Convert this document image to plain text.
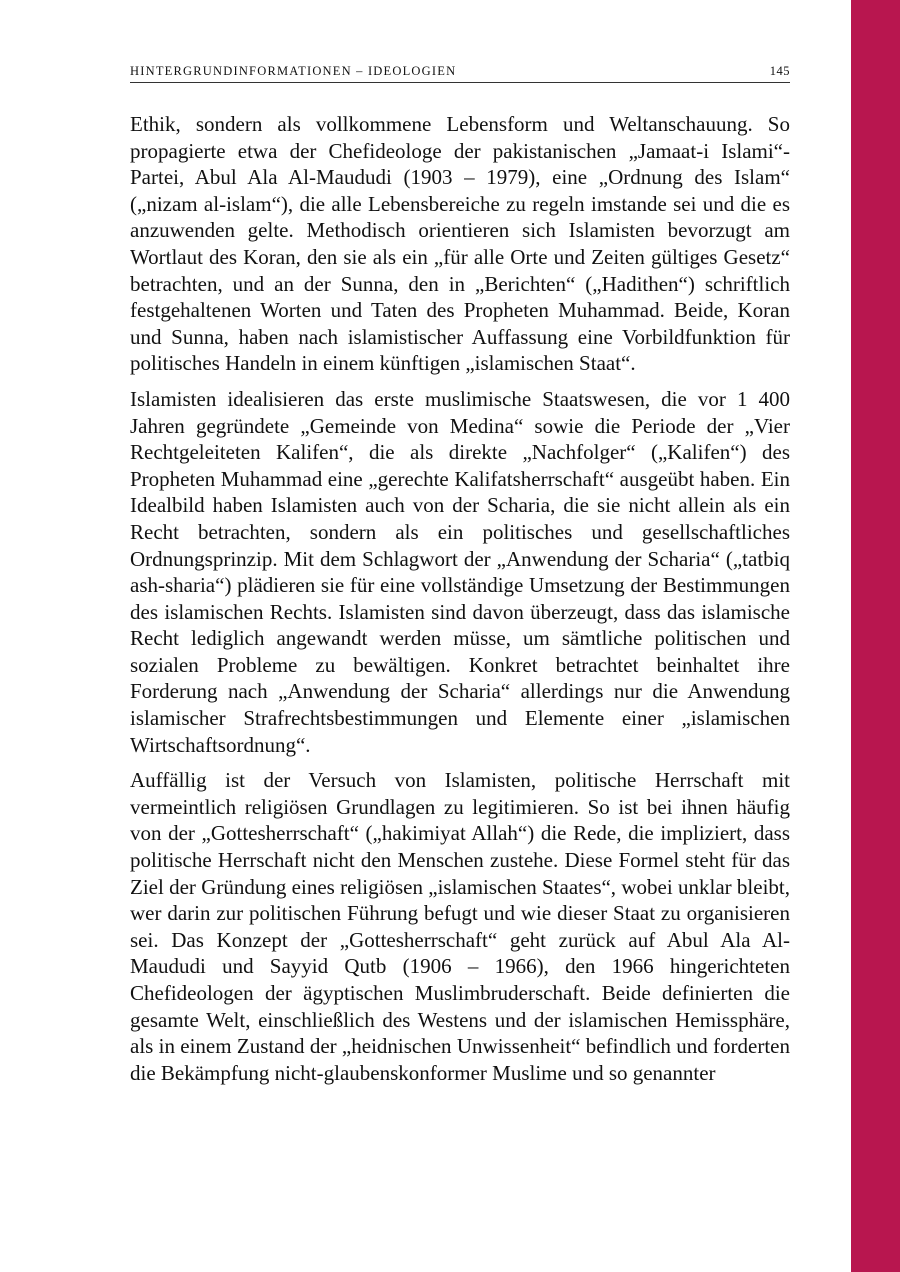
HINTERGRUNDINFORMATIONEN – IDEOLOGIEN	145

Ethik, sondern als vollkommene Lebensform und Weltanschauung. So propagierte etwa der Chefideologe der pakistanischen „Jamaat-i Islami“-Partei, Abul Ala Al-Maududi (1903 – 1979), eine „Ordnung des Islam“ („nizam al-islam“), die alle Lebensbereiche zu regeln imstande sei und die es anzuwenden gelte. Methodisch orientieren sich Islamisten bevorzugt am Wortlaut des Koran, den sie als ein „für alle Orte und Zeiten gültiges Gesetz“ betrachten, und an der Sunna, den in „Berichten“ („Hadithen“) schriftlich festgehaltenen Worten und Taten des Propheten Muhammad. Beide, Koran und Sunna, haben nach islamistischer Auffassung eine Vorbildfunktion für politisches Handeln in einem künftigen „islamischen Staat“.

Islamisten idealisieren das erste muslimische Staatswesen, die vor 1 400 Jahren gegründete „Gemeinde von Medina“ sowie die Periode der „Vier Rechtgeleiteten Kalifen“, die als direkte „Nachfolger“ („Kalifen“) des Propheten Muhammad eine „gerechte Kalifatsherrschaft“ ausgeübt haben. Ein Idealbild haben Islamisten auch von der Scharia, die sie nicht allein als ein Recht betrachten, sondern als ein politisches und gesellschaftliches Ordnungsprinzip. Mit dem Schlagwort der „Anwendung der Scharia“ („tatbiq ash-sharia“) plädieren sie für eine vollständige Umsetzung der Bestimmungen des islamischen Rechts. Islamisten sind davon überzeugt, dass das islamische Recht lediglich angewandt werden müsse, um sämtliche politischen und sozialen Probleme zu bewältigen. Konkret betrachtet beinhaltet ihre Forderung nach „Anwendung der Scharia“ allerdings nur die Anwendung islamischer Strafrechtsbestimmungen und Elemente einer „islamischen Wirtschaftsordnung“.

Auffällig ist der Versuch von Islamisten, politische Herrschaft mit vermeintlich religiösen Grundlagen zu legitimieren. So ist bei ihnen häufig von der „Gottesherrschaft“ („hakimiyat Allah“) die Rede, die impliziert, dass politische Herrschaft nicht den Menschen zustehe. Diese Formel steht für das Ziel der Gründung eines religiösen „islamischen Staates“, wobei unklar bleibt, wer darin zur politischen Führung befugt und wie dieser Staat zu organisieren sei. Das Konzept der „Gottesherrschaft“ geht zurück auf Abul Ala Al-Maududi und Sayyid Qutb (1906 – 1966), den 1966 hingerichteten Chefideologen der ägyptischen Muslimbruderschaft. Beide definierten die gesamte Welt, einschließlich des Westens und der islamischen Hemissphäre, als in einem Zustand der „heidnischen Unwissenheit“ befindlich und forderten die Bekämpfung nicht-glaubenskonformer Muslime und so genannter
